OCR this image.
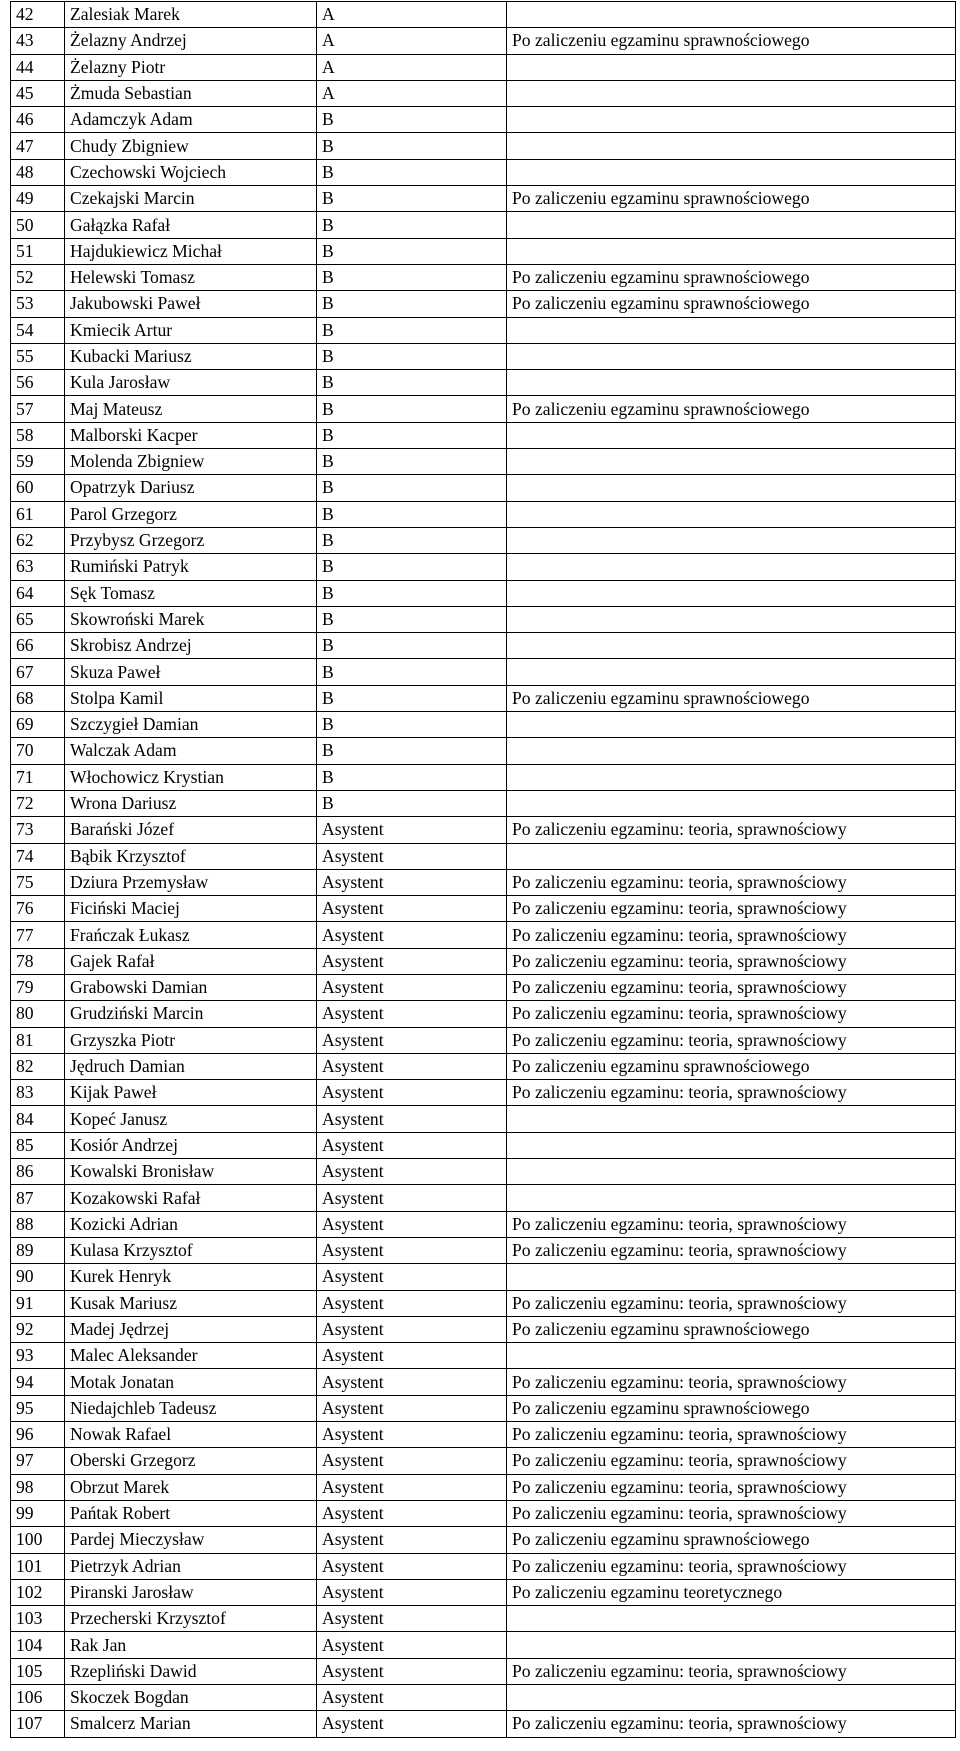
42	Zalesiak Marek	A	
43	Żelazny Andrzej	A	Po zaliczeniu egzaminu sprawnościowego
44	Żelazny Piotr	A	
45	Żmuda Sebastian	A	
46	Adamczyk Adam	B	
47	Chudy Zbigniew	B	
48	Czechowski Wojciech	B	
49	Czekajski Marcin	B	Po zaliczeniu egzaminu sprawnościowego
50	Gałązka Rafał	B	
51	Hajdukiewicz Michał	B	
52	Helewski Tomasz	B	Po zaliczeniu egzaminu sprawnościowego
53	Jakubowski Paweł	B	Po zaliczeniu egzaminu sprawnościowego
54	Kmiecik Artur	B	
55	Kubacki Mariusz	B	
56	Kula Jarosław	B	
57	Maj Mateusz	B	Po zaliczeniu egzaminu sprawnościowego
58	Malborski Kacper	B	
59	Molenda Zbigniew	B	
60	Opatrzyk Dariusz	B	
61	Parol Grzegorz	B	
62	Przybysz Grzegorz	B	
63	Rumiński Patryk	B	
64	Sęk Tomasz	B	
65	Skowroński Marek	B	
66	Skrobisz Andrzej	B	
67	Skuza Paweł	B	
68	Stolpa Kamil	B	Po zaliczeniu egzaminu sprawnościowego
69	Szczygieł Damian	B	
70	Walczak Adam	B	
71	Włochowicz Krystian	B	
72	Wrona Dariusz	B	
73	Barański Józef	Asystent	Po zaliczeniu egzaminu: teoria, sprawnościowy
74	Bąbik Krzysztof	Asystent	
75	Dziura Przemysław	Asystent	Po zaliczeniu egzaminu: teoria, sprawnościowy
76	Ficiński Maciej	Asystent	Po zaliczeniu egzaminu: teoria, sprawnościowy
77	Frańczak Łukasz	Asystent	Po zaliczeniu egzaminu: teoria, sprawnościowy
78	Gajek Rafał	Asystent	Po zaliczeniu egzaminu: teoria, sprawnościowy
79	Grabowski Damian	Asystent	Po zaliczeniu egzaminu: teoria, sprawnościowy
80	Grudziński Marcin	Asystent	Po zaliczeniu egzaminu: teoria, sprawnościowy
81	Grzyszka Piotr	Asystent	Po zaliczeniu egzaminu: teoria, sprawnościowy
82	Jędruch Damian	Asystent	Po zaliczeniu egzaminu sprawnościowego
83	Kijak Paweł	Asystent	Po zaliczeniu egzaminu: teoria, sprawnościowy
84	Kopeć Janusz	Asystent	
85	Kosiór Andrzej	Asystent	
86	Kowalski Bronisław	Asystent	
87	Kozakowski Rafał	Asystent	
88	Kozicki Adrian	Asystent	Po zaliczeniu egzaminu: teoria, sprawnościowy
89	Kulasa Krzysztof	Asystent	Po zaliczeniu egzaminu: teoria, sprawnościowy
90	Kurek Henryk	Asystent	
91	Kusak Mariusz	Asystent	Po zaliczeniu egzaminu: teoria, sprawnościowy
92	Madej Jędrzej	Asystent	Po zaliczeniu egzaminu sprawnościowego
93	Malec Aleksander	Asystent	
94	Motak Jonatan	Asystent	Po zaliczeniu egzaminu: teoria, sprawnościowy
95	Niedajchleb Tadeusz	Asystent	Po zaliczeniu egzaminu sprawnościowego
96	Nowak Rafael	Asystent	Po zaliczeniu egzaminu: teoria, sprawnościowy
97	Oberski Grzegorz	Asystent	Po zaliczeniu egzaminu: teoria, sprawnościowy
98	Obrzut Marek	Asystent	Po zaliczeniu egzaminu: teoria, sprawnościowy
99	Pańtak Robert	Asystent	Po zaliczeniu egzaminu: teoria, sprawnościowy
100	Pardej Mieczysław	Asystent	Po zaliczeniu egzaminu sprawnościowego
101	Pietrzyk Adrian	Asystent	Po zaliczeniu egzaminu: teoria, sprawnościowy
102	Piranski Jarosław	Asystent	Po zaliczeniu egzaminu teoretycznego
103	Przecherski Krzysztof	Asystent	
104	Rak Jan	Asystent	
105	Rzepliński Dawid	Asystent	Po zaliczeniu egzaminu: teoria, sprawnościowy
106	Skoczek Bogdan	Asystent	
107	Smalcerz Marian	Asystent	Po zaliczeniu egzaminu: teoria, sprawnościowy
